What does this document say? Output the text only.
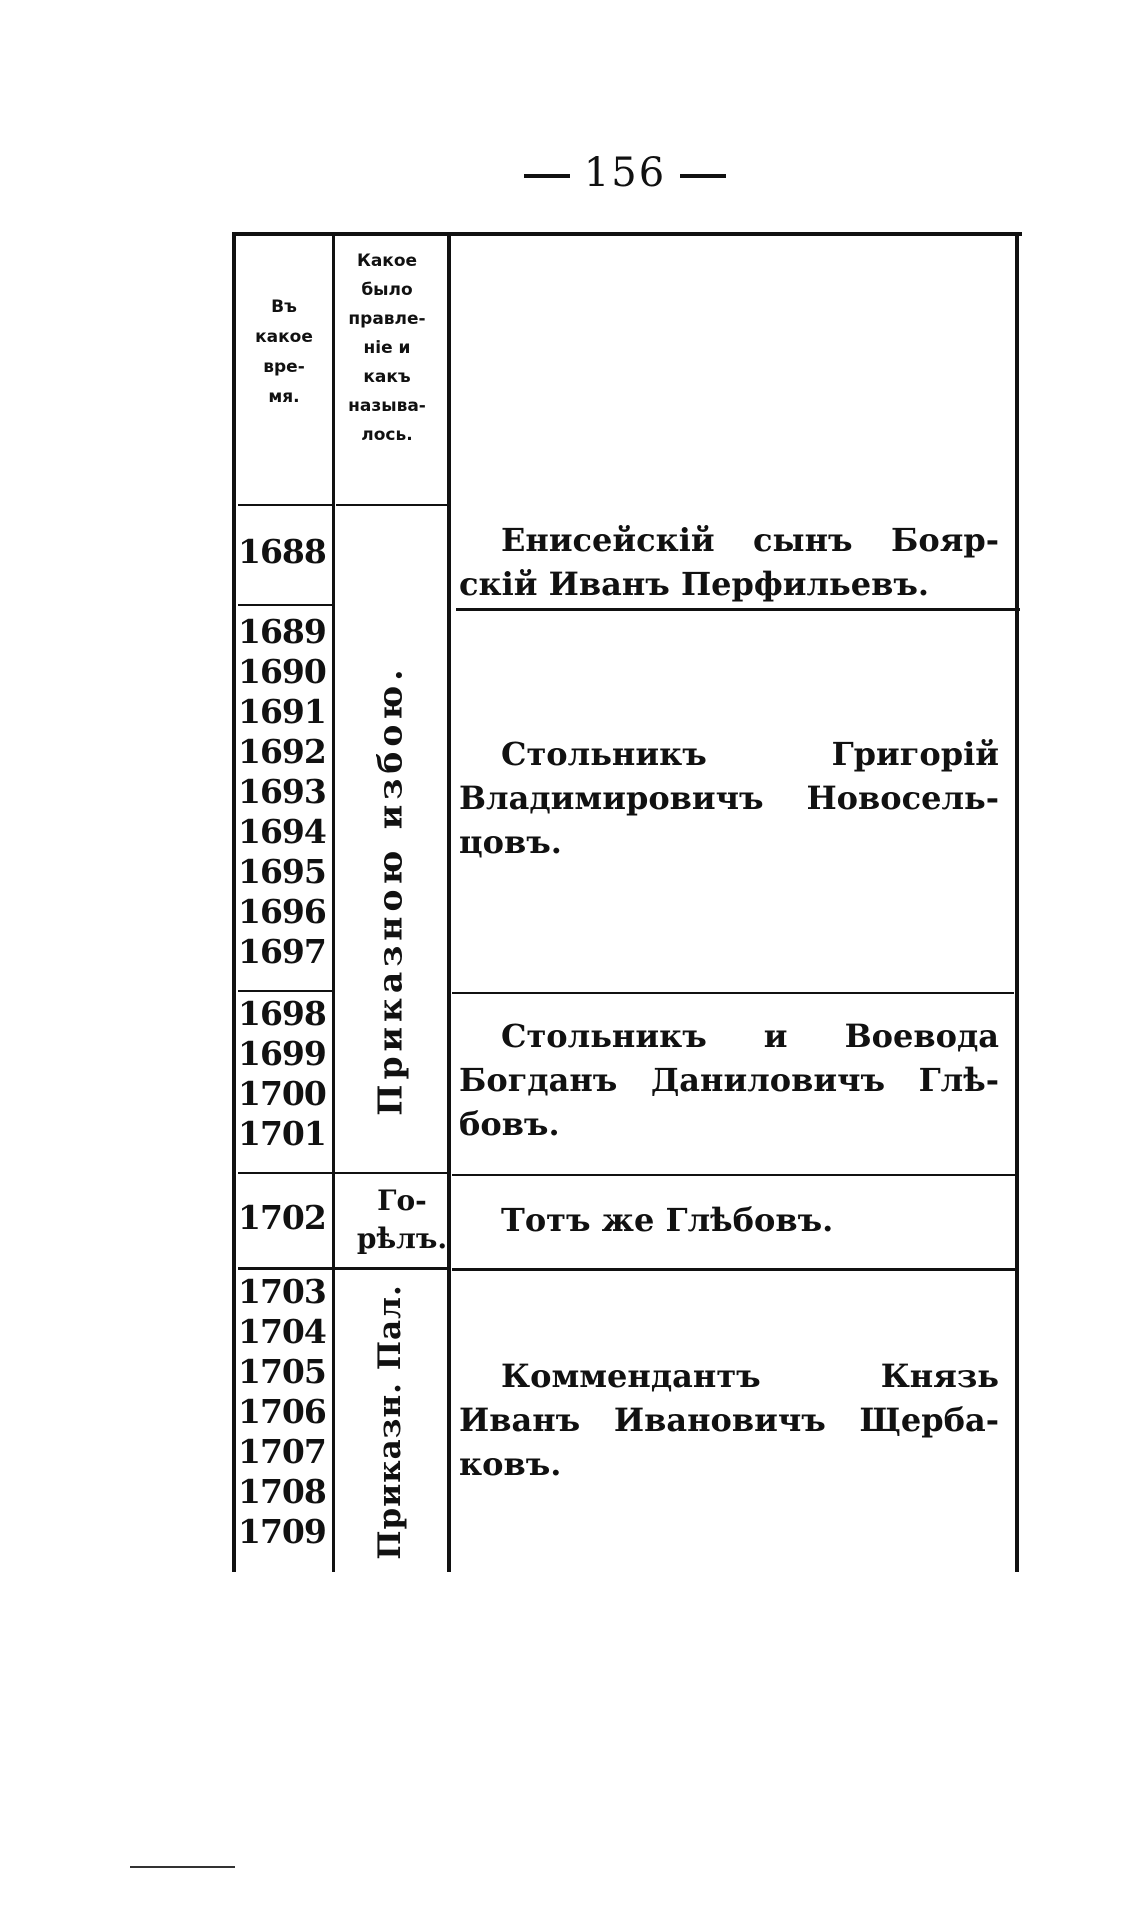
156
Въ
какое
вре-
мя.
Какое
было
правле-
ніе и
какъ
называ-
лось.
1688
1689
1690
1691
1692
1693
1694
1695
1696
1697
1698
1699
1700
1701
1702
1703
1704
1705
1706
1707
1708
1709
Приказною избою.
Го-
рѣлъ.
Приказн. Пал.
Енисейскій сынъ Бояр-
скій Иванъ Перфильевъ.
Стольникъ Григорій
Владимировичъ Новосель-
цовъ.
Стольникъ и Воевода
Богданъ Даниловичъ Глѣ-
бовъ.
Тотъ же Глѣбовъ.
Коммендантъ Князь
Иванъ Ивановичъ Щерба-
ковъ.
